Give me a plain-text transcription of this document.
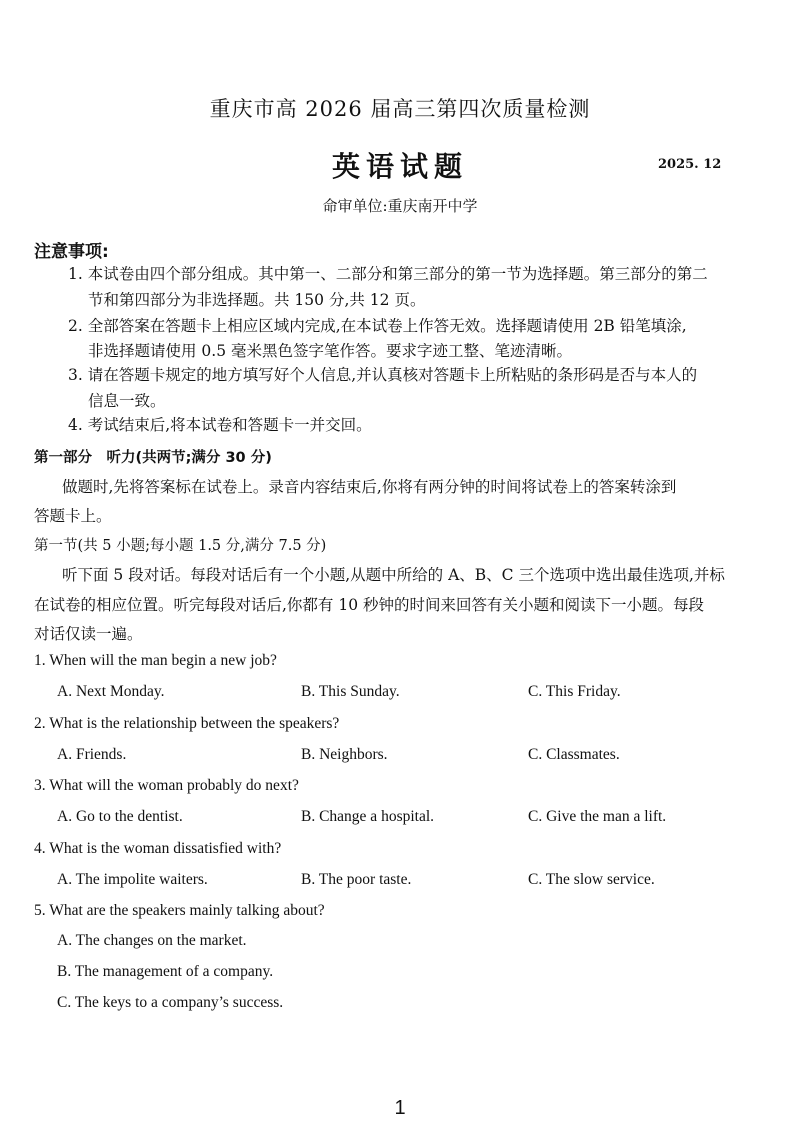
重庆市高 2026 届高三第四次质量检测
英语试题	2025. 12
命审单位:重庆南开中学
注意事项:
1. 本试卷由四个部分组成。其中第一、二部分和第三部分的第一节为选择题。第三部分的第二
节和第四部分为非选择题。共 150 分,共 12 页。
2. 全部答案在答题卡上相应区域内完成,在本试卷上作答无效。选择题请使用 2B 铅笔填涂,
非选择题请使用 0.5 毫米黑色签字笔作答。要求字迹工整、笔迹清晰。
3. 请在答题卡规定的地方填写好个人信息,并认真核对答题卡上所粘贴的条形码是否与本人的
信息一致。
4. 考试结束后,将本试卷和答题卡一并交回。
第一部分　听力(共两节;满分 30 分)
做题时,先将答案标在试卷上。录音内容结束后,你将有两分钟的时间将试卷上的答案转涂到
答题卡上。
第一节(共 5 小题;每小题 1.5 分,满分 7.5 分)
听下面 5 段对话。每段对话后有一个小题,从题中所给的 A、B、C 三个选项中选出最佳选项,并标
在试卷的相应位置。听完每段对话后,你都有 10 秒钟的时间来回答有关小题和阅读下一小题。每段
对话仅读一遍。
1. When will the man begin a new job?
A. Next Monday.	B. This Sunday.	C. This Friday.
2. What is the relationship between the speakers?
A. Friends.	B. Neighbors.	C. Classmates.
3. What will the woman probably do next?
A. Go to the dentist.	B. Change a hospital.	C. Give the man a lift.
4. What is the woman dissatisfied with?
A. The impolite waiters.	B. The poor taste.	C. The slow service.
5. What are the speakers mainly talking about?
A. The changes on the market.
B. The management of a company.
C. The keys to a company’s success.
1
